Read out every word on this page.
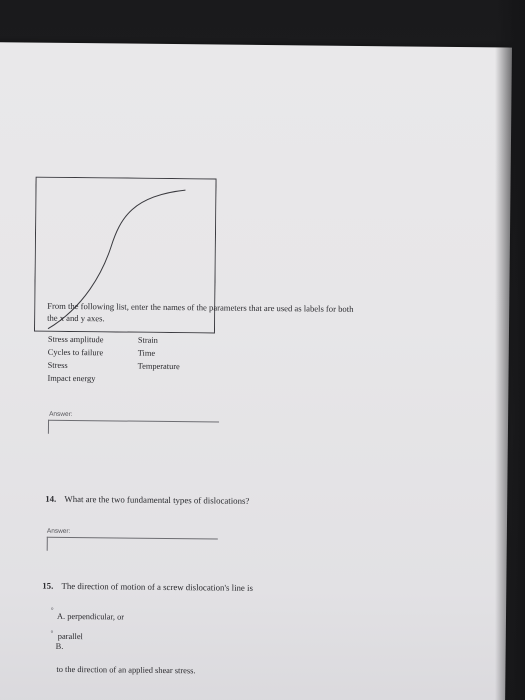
From the following list, enter the names of the parameters that are used as labels for both
the x and y axes.
Stress amplitude
Cycles to failure
Stress
Impact energy
Strain
Time
Temperature
Answer:
14. What are the two fundamental types of dislocations?
Answer:
15. The direction of motion of a screw dislocation's line is
∘
A. perpendicular, or
∘
parallel
B.
to the direction of an applied shear stress.
